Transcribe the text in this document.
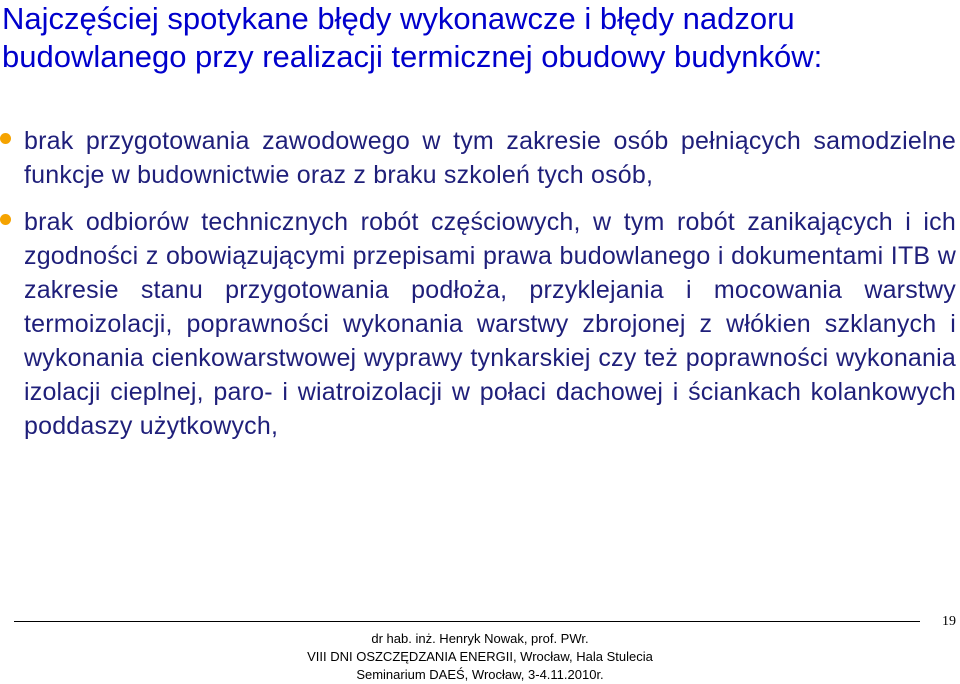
Najczęściej spotykane błędy wykonawcze i błędy nadzoru budowlanego przy realizacji termicznej obudowy budynków:
brak przygotowania zawodowego w tym zakresie osób pełniących samodzielne funkcje w budownictwie oraz z braku szkoleń tych osób,
brak odbiorów technicznych robót częściowych, w tym robót zanikających i ich zgodności z obowiązującymi przepisami prawa budowlanego i dokumentami ITB w zakresie stanu przygotowania podłoża, przyklejania i mocowania warstwy termoizolacji, poprawności wykonania warstwy zbrojonej z włókien szklanych i wykonania cienkowarstwowej wyprawy tynkarskiej czy też poprawności wykonania izolacji cieplnej, paro- i wiatroizolacji w połaci dachowej i ściankach kolankowych poddaszy użytkowych,
dr hab. inż. Henryk Nowak, prof. PWr.
VIII DNI OSZCZĘDZANIA ENERGII, Wrocław, Hala Stulecia
Seminarium DAEŚ, Wrocław, 3-4.11.2010r.
19
